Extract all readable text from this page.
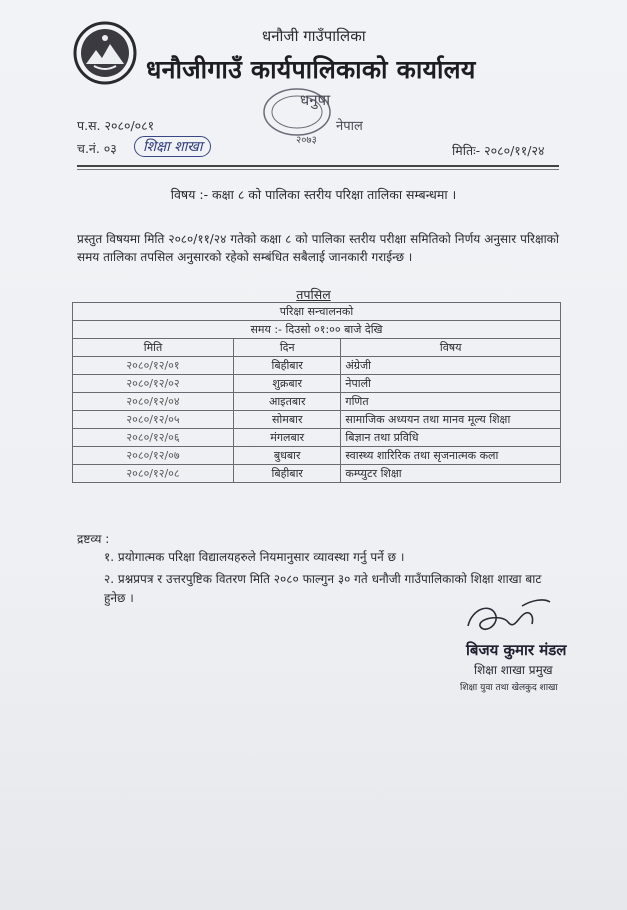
धनौजी गाउँपालिका
धनौजीगाउँ कार्यपालिकाको कार्यालय
धनुषा
नेपाल
२०७३
प.स. २०८०/०८१
च.नं. ०३	शिक्षा शाखा	मितिः- २०८०/११/२४
विषय :- कक्षा ८ को पालिका स्तरीय परिक्षा तालिका सम्बन्धमा ।
प्रस्तुत विषयमा मिति २०८०/११/२४ गतेको कक्षा ८ को पालिका स्तरीय परीक्षा समितिको निर्णय अनुसार परिक्षाको समय तालिका तपसिल अनुसारको रहेको सम्बंधित सबैलाई जानकारी गराईन्छ ।
तपसिल
परिक्षा सन्चालनको		
समय :- दिउसो ०१:०० बाजे देखि		
मिति	दिन	विषय
२०८०/१२/०१	बिहीबार	अंग्रेजी
२०८०/१२/०२	शुक्रबार	नेपाली
२०८०/१२/०४	आइतबार	गणित
२०८०/१२/०५	सोमबार	सामाजिक अध्ययन तथा मानव मूल्य शिक्षा
२०८०/१२/०६	मंगलबार	बिज्ञान तथा प्रविधि
२०८०/१२/०७	बुधबार	स्वास्थ्य शारिरिक तथा सृजनात्मक कला
२०८०/१२/०८	बिहीबार	कम्प्युटर शिक्षा
द्रष्टव्य :
१. प्रयोगात्मक परिक्षा विद्यालयहरुले नियमानुसार व्यावस्था गर्नु पर्ने छ ।
२. प्रश्नप्रपत्र र उत्तरपुष्टिक वितरण मिति २०८० फाल्गुन ३० गते धनौजी गाउँपालिकाको शिक्षा शाखा बाट हुनेछ ।
बिजय कुमार मंडल
शिक्षा शाखा प्रमुख
शिक्षा युवा तथा खेलकुद शाखा
